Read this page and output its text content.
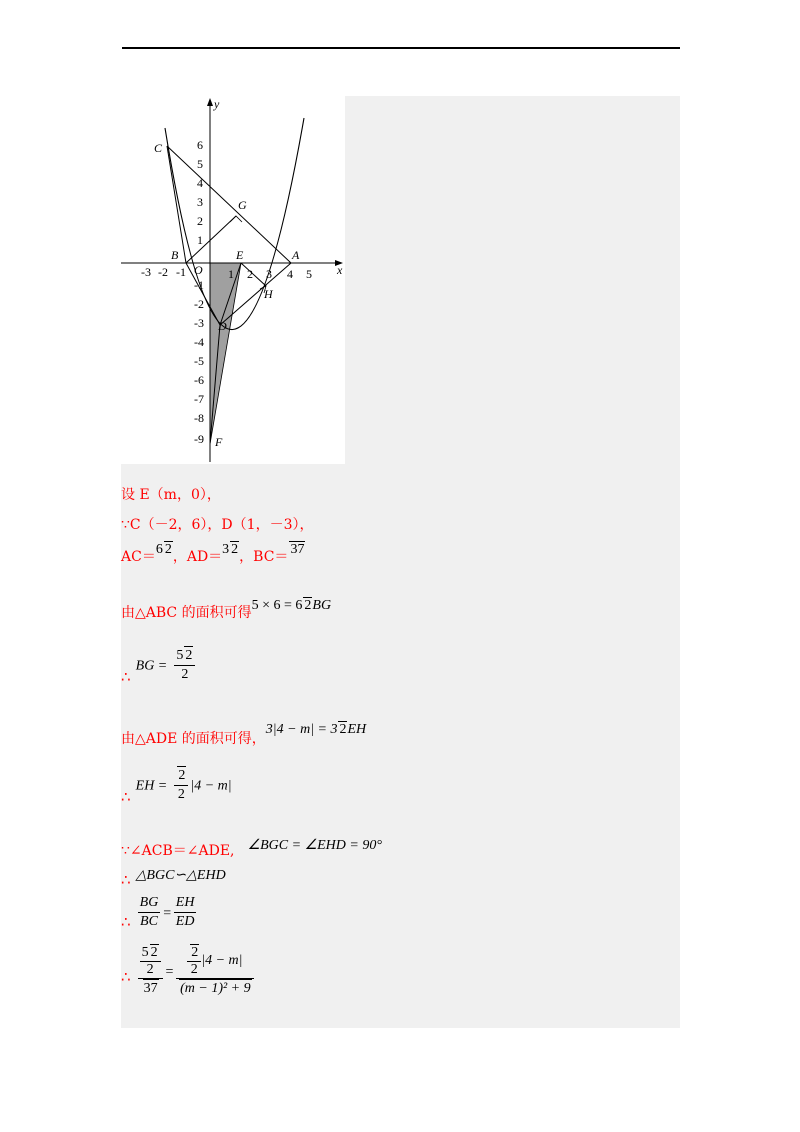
y
x
C
G
B	E	A
O
H
D
F
-3 -2 -1	1 2 3 4 5
6
5
4
3
2
1
-1
-2
-3
-4
-5
-6
-7
-8
-9
设 E（m，0），
∵C（－2，6），D（1，－3），
AC＝6 2，AD＝3 2，BC＝ 37
由△ABC 的面积可得5 × 6 = 6 2BG
∴ BG = $\frac{5 2}{2}$
由△ADE 的面积可得，3|4 − m| = 3 2EH
∴ EH = $\frac{2}{2} |4 - m|$
∵∠ACB＝∠ADE, ∠BGC = ∠EHD = 90°
∴ △BGC∽△EHD
∴ $\frac{BG}{BC} = \frac{EH}{ED}$
∴ $\frac{\frac{5 2}{2}}{37} = \frac{\frac{2}{2} |4 - m|}{\text{(m − 1)² + 9}}$
